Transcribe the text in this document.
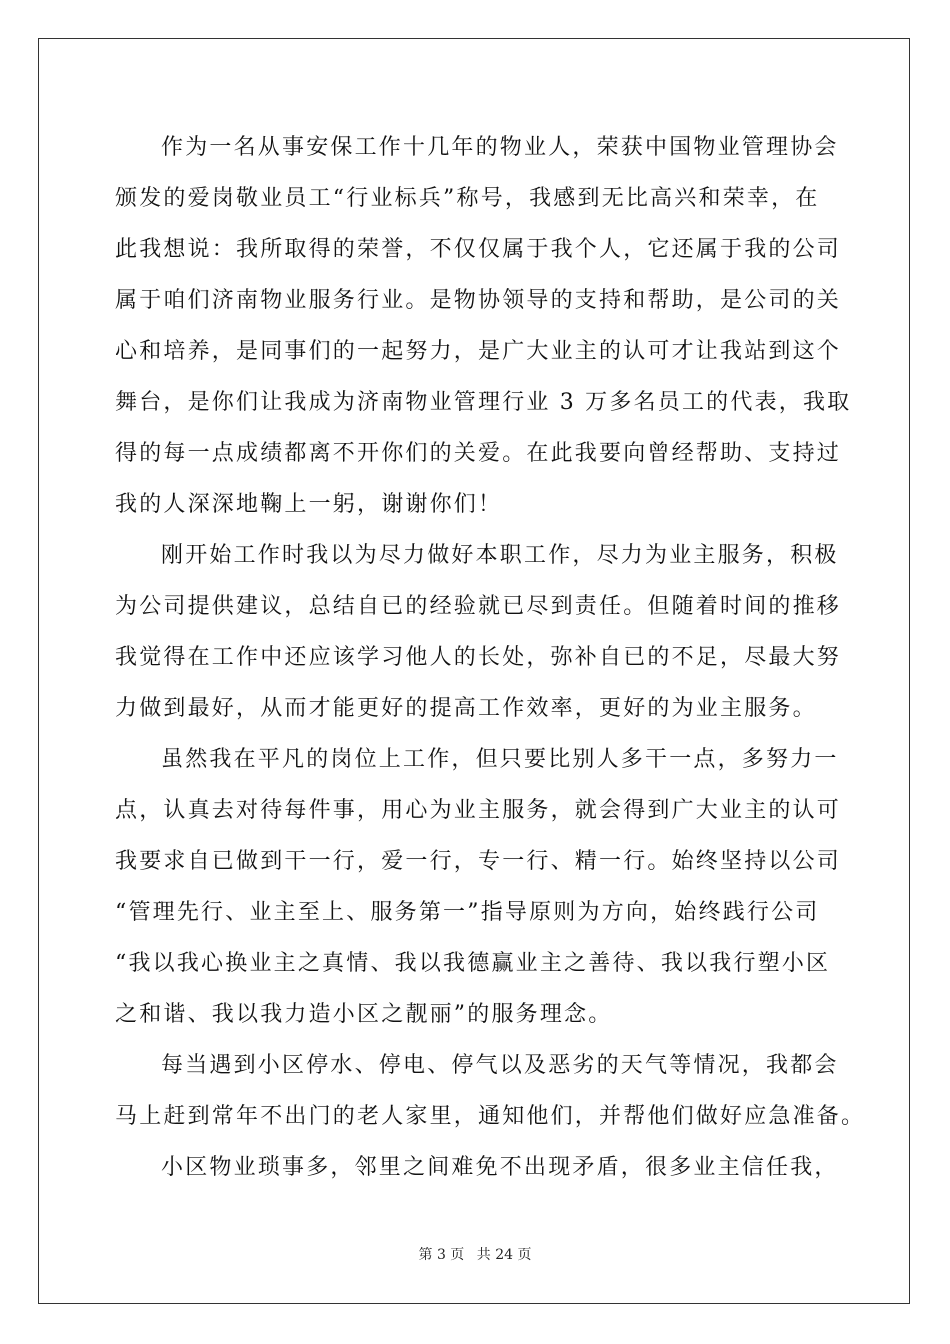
作为一名从事安保工作十几年的物业人，荣获中国物业管理协会
颁发的爱岗敬业员工“行业标兵”称号，我感到无比高兴和荣幸，在
此我想说：我所取得的荣誉，不仅仅属于我个人，它还属于我的公司
属于咱们济南物业服务行业。是物协领导的支持和帮助，是公司的关
心和培养，是同事们的一起努力，是广大业主的认可才让我站到这个
舞台，是你们让我成为济南物业管理行业 3 万多名员工的代表，我取
得的每一点成绩都离不开你们的关爱。在此我要向曾经帮助、支持过
我的人深深地鞠上一躬，谢谢你们！
刚开始工作时我以为尽力做好本职工作，尽力为业主服务，积极
为公司提供建议，总结自已的经验就已尽到责任。但随着时间的推移
我觉得在工作中还应该学习他人的长处，弥补自已的不足，尽最大努
力做到最好，从而才能更好的提高工作效率，更好的为业主服务。
虽然我在平凡的岗位上工作，但只要比别人多干一点，多努力一
点，认真去对待每件事，用心为业主服务，就会得到广大业主的认可
我要求自已做到干一行，爱一行，专一行、精一行。始终坚持以公司
“管理先行、业主至上、服务第一”指导原则为方向，始终践行公司
“我以我心换业主之真情、我以我德赢业主之善待、我以我行塑小区
之和谐、我以我力造小区之靓丽”的服务理念。
每当遇到小区停水、停电、停气以及恶劣的天气等情况，我都会
马上赶到常年不出门的老人家里，通知他们，并帮他们做好应急准备。
小区物业琐事多，邻里之间难免不出现矛盾，很多业主信任我，
第 3 页 共 24 页
